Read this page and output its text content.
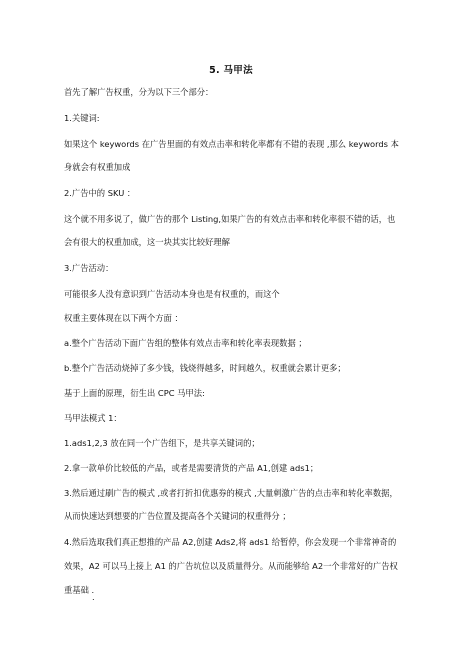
5. 马甲法
首先了解广告权重，分为以下三个部分：
1.关键词:
如果这个 keywords 在广告里面的有效点击率和转化率都有不错的表现 ,那么 keywords 本
身就会有权重加成
2.广告中的 SKU ：
这个就不用多说了，做广告的那个 Listing,如果广告的有效点击率和转化率很不错的话，也
会有很大的权重加成，这一块其实比较好理解
3.广告活动：
可能很多人没有意识到广告活动本身也是有权重的，而这个
权重主要体现在以下两个方面 ：
a.整个广告活动下面广告组的整体有效点击率和转化率表现数据 ；
b.整个广告活动烧掉了多少钱，钱烧得越多，时间越久，权重就会累计更多；
基于上面的原理，衍生出 CPC 马甲法:
马甲法模式 1：
1.ads1,2,3 放在同一个广告组下，是共享关键词的；
2.拿一款单价比较低的产品，或者是需要清货的产品 A1,创建 ads1；
3.然后通过刷广告的模式 ,或者打折扣优惠券的模式 ,大量刺激广告的点击率和转化率数据，
从而快速达到想要的广告位置及提高各个关键词的权重得分 ；
4.然后选取我们真正想推的产品 A2,创建 Ads2,将 ads1 给暂停，你会发现一个非常神奇的
效果，A2 可以马上接上 A1 的广告坑位以及质量得分。从而能够给 A2一个非常好的广告权
重基础 .
.
